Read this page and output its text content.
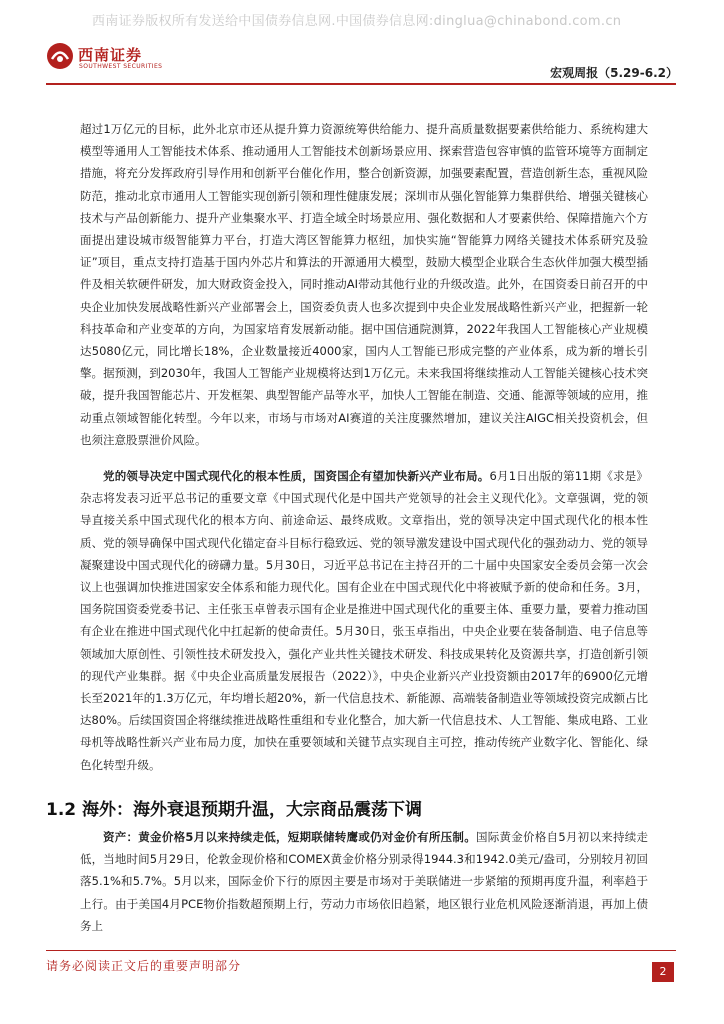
西南证券版权所有发送给中国债券信息网.中国债券信息网:dinglua@chinabond.com.cn
西南证券
SOUTHWEST SECURITIES	宏观周报（5.29-6.2）

超过1万亿元的目标，此外北京市还从提升算力资源统筹供给能力、提升高质量数据要素供给能力、系统构建大模型等通用人工智能技术体系、推动通用人工智能技术创新场景应用、探索营造包容审慎的监管环境等方面制定措施，将充分发挥政府引导作用和创新平台催化作用，整合创新资源，加强要素配置，营造创新生态，重视风险防范，推动北京市通用人工智能实现创新引领和理性健康发展；深圳市从强化智能算力集群供给、增强关键核心技术与产品创新能力、提升产业集聚水平、打造全域全时场景应用、强化数据和人才要素供给、保障措施六个方面提出建设城市级智能算力平台，打造大湾区智能算力枢纽，加快实施“智能算力网络关键技术体系研究及验证”项目，重点支持打造基于国内外芯片和算法的开源通用大模型，鼓励大模型企业联合生态伙伴加强大模型插件及相关软硬件研发，加大财政资金投入，同时推动AI带动其他行业的升级改造。此外，在国资委日前召开的中央企业加快发展战略性新兴产业部署会上，国资委负责人也多次提到中央企业发展战略性新兴产业，把握新一轮科技革命和产业变革的方向，为国家培育发展新动能。据中国信通院测算，2022年我国人工智能核心产业规模达5080亿元，同比增长18%，企业数量接近4000家，国内人工智能已形成完整的产业体系，成为新的增长引擎。据预测，到2030年，我国人工智能产业规模将达到1万亿元。未来我国将继续推动人工智能关键核心技术突破，提升我国智能芯片、开发框架、典型智能产品等水平，加快人工智能在制造、交通、能源等领域的应用，推动重点领域智能化转型。今年以来，市场与市场对AI赛道的关注度骤然增加，建议关注AIGC相关投资机会，但也须注意股票泄价风险。

党的领导决定中国式现代化的根本性质，国资国企有望加快新兴产业布局。6月1日出版的第11期《求是》杂志将发表习近平总书记的重要文章《中国式现代化是中国共产党领导的社会主义现代化》。文章强调，党的领导直接关系中国式现代化的根本方向、前途命运、最终成败。文章指出，党的领导决定中国式现代化的根本性质、党的领导确保中国式现代化锚定奋斗目标行稳致远、党的领导激发建设中国式现代化的强劲动力、党的领导凝聚建设中国式现代化的磅礴力量。5月30日，习近平总书记在主持召开的二十届中央国家安全委员会第一次会议上也强调加快推进国家安全体系和能力现代化。国有企业在中国式现代化中将被赋予新的使命和任务。3月，国务院国资委党委书记、主任张玉卓曾表示国有企业是推进中国式现代化的重要主体、重要力量，要着力推动国有企业在推进中国式现代化中扛起新的使命责任。5月30日，张玉卓指出，中央企业要在装备制造、电子信息等领域加大原创性、引领性技术研发投入，强化产业共性关键技术研发、科技成果转化及资源共享，打造创新引领的现代产业集群。据《中央企业高质量发展报告（2022）》，中央企业新兴产业投资额由2017年的6900亿元增长至2021年的1.3万亿元，年均增长超20%，新一代信息技术、新能源、高端装备制造业等领域投资完成额占比达80%。后续国资国企将继续推进战略性重组和专业化整合，加大新一代信息技术、人工智能、集成电路、工业母机等战略性新兴产业布局力度，加快在重要领域和关键节点实现自主可控，推动传统产业数字化、智能化、绿色化转型升级。

1.2 海外：海外衰退预期升温，大宗商品震荡下调

资产：黄金价格5月以来持续走低，短期联储转鹰或仍对金价有所压制。国际黄金价格自5月初以来持续走低，当地时间5月29日，伦敦金现价格和COMEX黄金价格分别录得1944.3和1942.0美元/盎司，分别较月初回落5.1%和5.7%。5月以来，国际金价下行的原因主要是市场对于美联储进一步紧缩的预期再度升温，利率趋于上行。由于美国4月PCE物价指数超预期上行，劳动力市场依旧趋紧，地区银行业危机风险逐渐消退，再加上债务上

请务必阅读正文后的重要声明部分	2
